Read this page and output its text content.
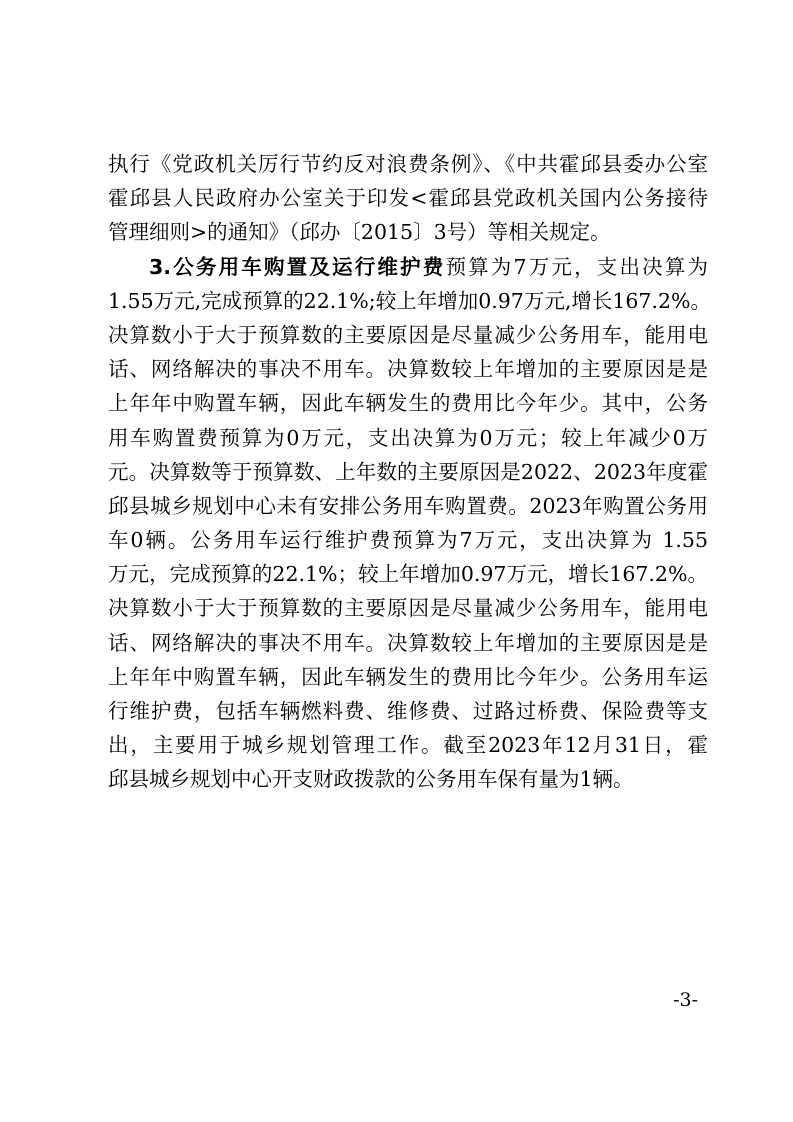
执行《党政机关厉行节约反对浪费条例》、《中共霍邱县委办公室
霍邱县人民政府办公室关于印发<霍邱县党政机关国内公务接待
管理细则>的通知》（邱办〔2015〕3号）等相关规定。
3.公务用车购置及运行维护费预算为7万元，支出决算为
1.55万元,完成预算的22.1%;较上年增加0.97万元,增长167.2%。
决算数小于大于预算数的主要原因是尽量减少公务用车，能用电
话、网络解决的事决不用车。决算数较上年增加的主要原因是是
上年年中购置车辆，因此车辆发生的费用比今年少。其中，公务
用车购置费预算为0万元，支出决算为0万元；较上年减少0万
元。决算数等于预算数、上年数的主要原因是2022、2023年度霍
邱县城乡规划中心未有安排公务用车购置费。2023年购置公务用
车0辆。公务用车运行维护费预算为7万元，支出决算为 1.55
万元，完成预算的22.1%；较上年增加0.97万元，增长167.2%。
决算数小于大于预算数的主要原因是尽量减少公务用车，能用电
话、网络解决的事决不用车。决算数较上年增加的主要原因是是
上年年中购置车辆，因此车辆发生的费用比今年少。公务用车运
行维护费，包括车辆燃料费、维修费、过路过桥费、保险费等支
出，主要用于城乡规划管理工作。截至2023年12月31日，霍
邱县城乡规划中心开支财政拨款的公务用车保有量为1辆。
-3-
